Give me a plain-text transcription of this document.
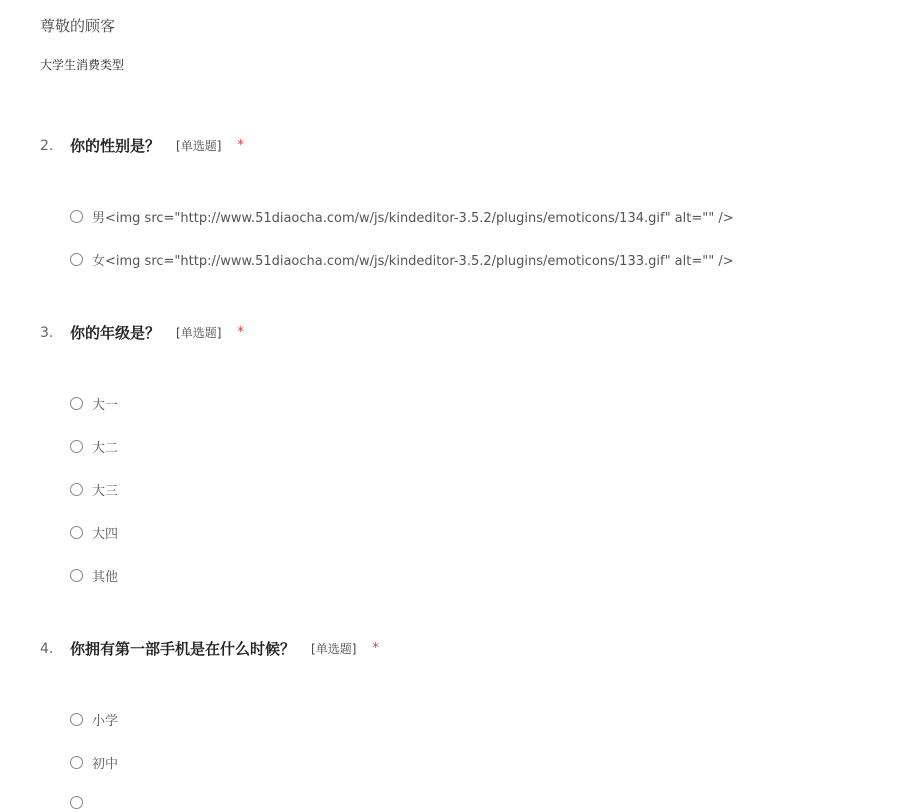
尊敬的顾客
大学生消费类型
2. 你的性别是？ [单选题] *
男<img src="http://www.51diaocha.com/w/js/kindeditor-3.5.2/plugins/emoticons/134.gif" alt="" />
女<img src="http://www.51diaocha.com/w/js/kindeditor-3.5.2/plugins/emoticons/133.gif" alt="" />
3. 你的年级是？ [单选题] *
大一
大二
大三
大四
其他
4. 你拥有第一部手机是在什么时候？ [单选题] *
小学
初中
